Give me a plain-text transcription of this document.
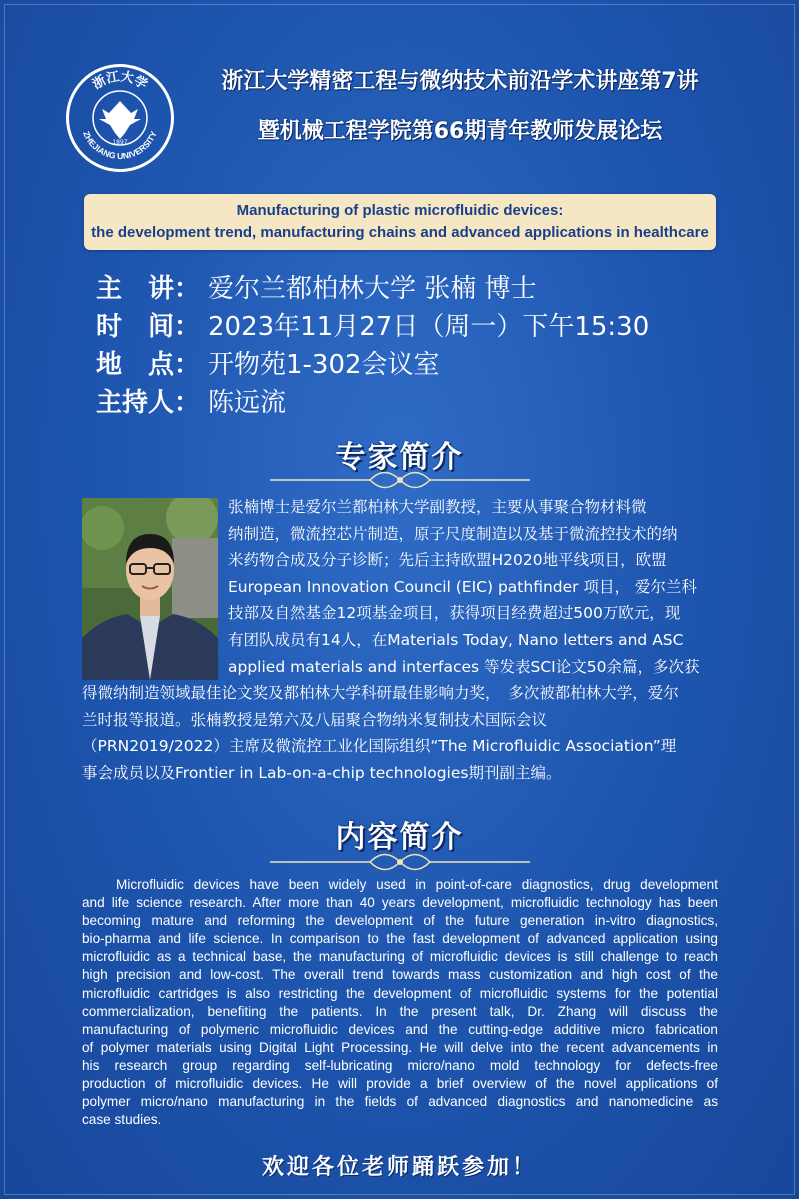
浙江大学
ZHEJIANG UNIVERSITY
1897
浙江大学精密工程与微纳技术前沿学术讲座第7讲
暨机械工程学院第66期青年教师发展论坛
Manufacturing of plastic microfluidic devices:
the development trend, manufacturing chains and advanced applications in healthcare
主　讲： 爱尔兰都柏林大学 张楠 博士
时　间： 2023年11月27日（周一）下午15:30
地　点： 开物苑1-302会议室
主持人： 陈远流
专家简介
张楠博士是爱尔兰都柏林大学副教授，主要从事聚合物材料微
纳制造，微流控芯片制造，原子尺度制造以及基于微流控技术的纳
米药物合成及分子诊断；先后主持欧盟H2020地平线项目，欧盟
European Innovation Council (EIC) pathfinder 项目， 爱尔兰科
技部及自然基金12项基金项目，获得项目经费超过500万欧元，现
有团队成员有14人，在Materials Today, Nano letters and ASC
applied materials and interfaces 等发表SCI论文50余篇，多次获
得微纳制造领域最佳论文奖及都柏林大学科研最佳影响力奖，　多次被都柏林大学，爱尔
兰时报等报道。张楠教授是第六及八届聚合物纳米复制技术国际会议
（PRN2019/2022）主席及微流控工业化国际组织“The Microfluidic Association”理
事会成员以及Frontier in Lab-on-a-chip technologies期刊副主编。
内容简介
Microfluidic devices have been widely used in point-of-care diagnostics, drug development
and life science research. After more than 40 years development, microfluidic technology has been
becoming mature and reforming the development of the future generation in-vitro diagnostics,
bio-pharma and life science. In comparison to the fast development of advanced application using
microfluidic as a technical base, the manufacturing of microfluidic devices is still challenge to reach
high precision and low-cost. The overall trend towards mass customization and high cost of the
microfluidic cartridges is also restricting the development of microfluidic systems for the potential
commercialization, benefiting the patients. In the present talk, Dr. Zhang will discuss the
manufacturing of polymeric microfluidic devices and the cutting-edge additive micro fabrication
of polymer materials using Digital Light Processing. He will delve into the recent advancements in
his research group regarding self-lubricating micro/nano mold technology for defects-free
production of microfluidic devices. He will provide a brief overview of the novel applications of
polymer micro/nano manufacturing in the fields of advanced diagnostics and nanomedicine as
case studies.
欢迎各位老师踊跃参加！
